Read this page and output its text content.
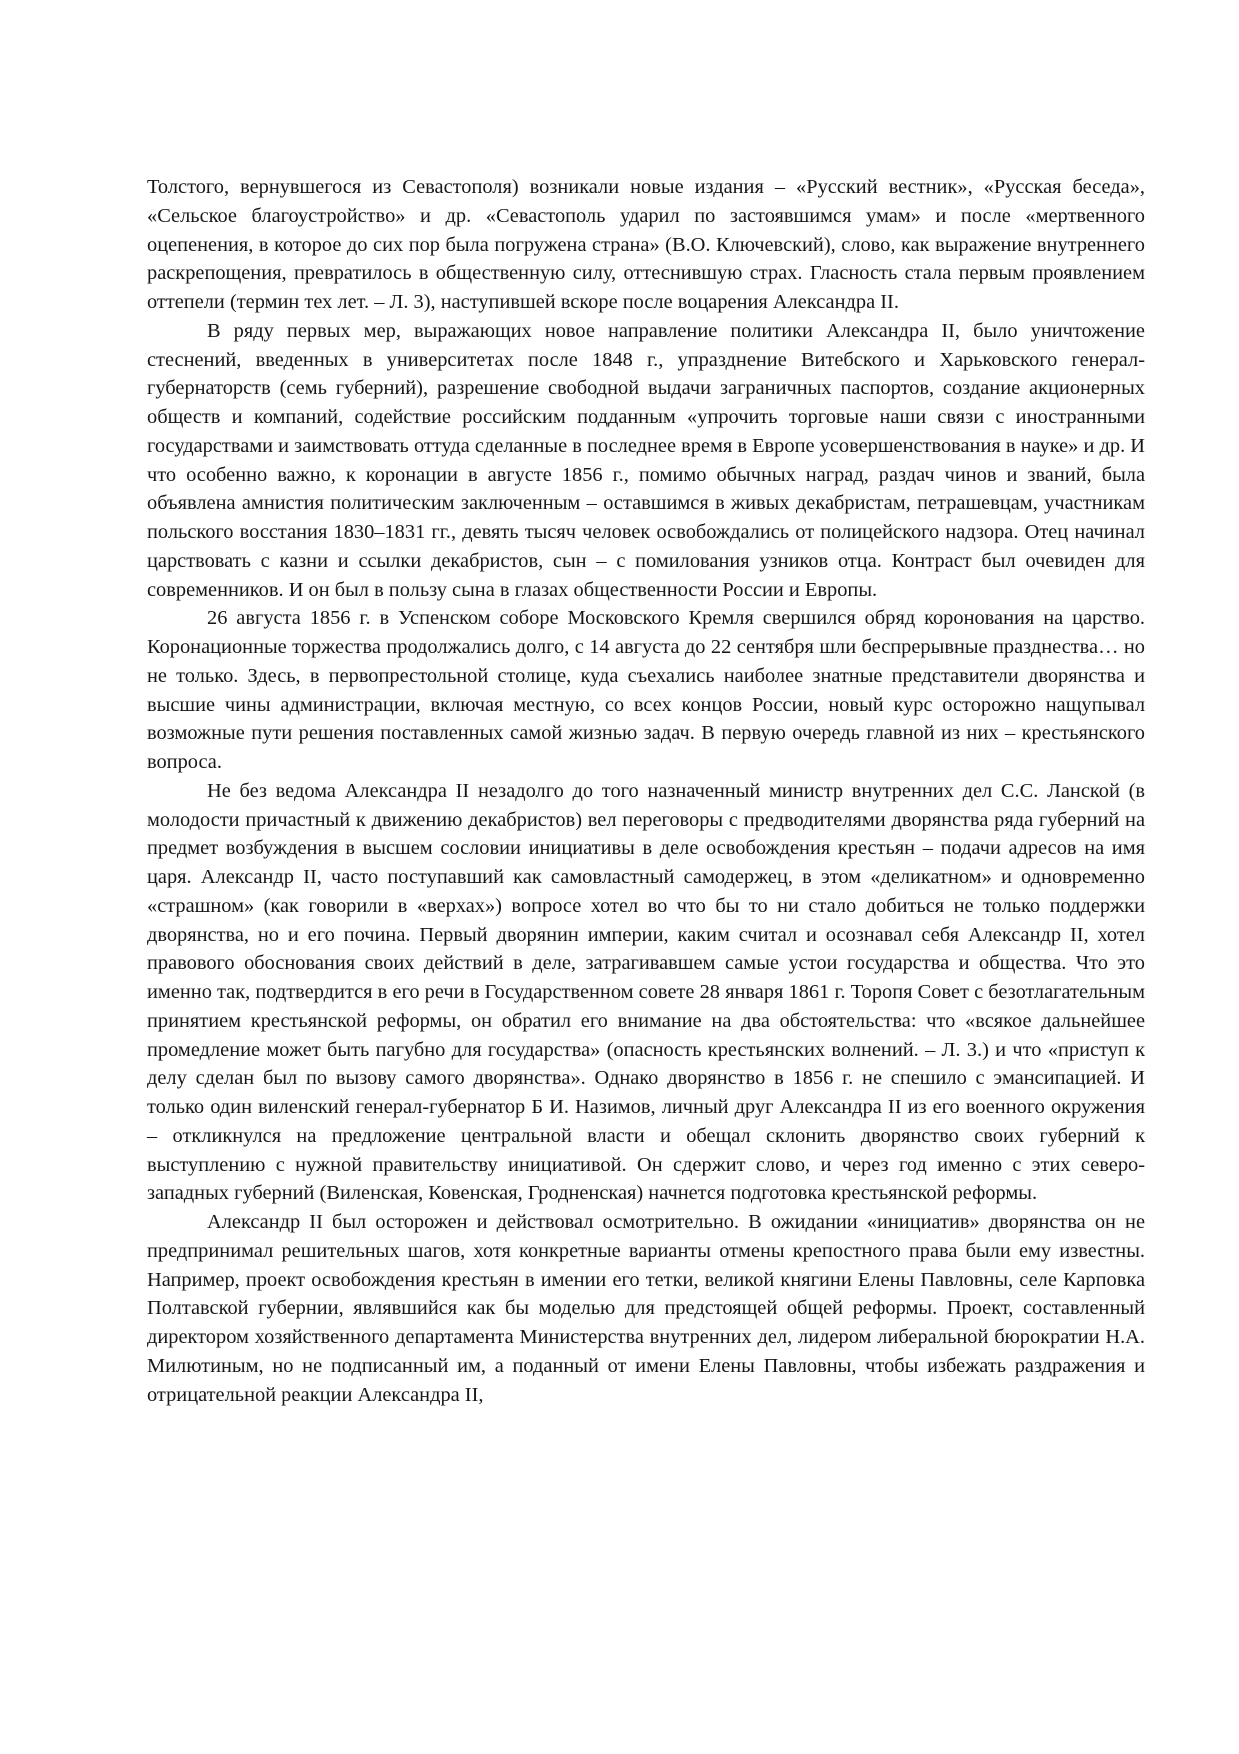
Толстого, вернувшегося из Севастополя) возникали новые издания – «Русский вестник», «Русская беседа», «Сельское благоустройство» и др. «Севастополь ударил по застоявшимся умам» и после «мертвенного оцепенения, в которое до сих пор была погружена страна» (В.О. Ключевский), слово, как выражение внутреннего раскрепощения, превратилось в общественную силу, оттеснившую страх. Гласность стала первым проявлением оттепели (термин тех лет. – Л. 3), наступившей вскоре после воцарения Александра II.

В ряду первых мер, выражающих новое направление политики Александра II, было уничтожение стеснений, введенных в университетах после 1848 г., упразднение Витебского и Харьковского генерал-губернаторств (семь губерний), разрешение свободной выдачи заграничных паспортов, создание акционерных обществ и компаний, содействие российским подданным «упрочить торговые наши связи с иностранными государствами и заимствовать оттуда сделанные в последнее время в Европе усовершенствования в науке» и др. И что особенно важно, к коронации в августе 1856 г., помимо обычных наград, раздач чинов и званий, была объявлена амнистия политическим заключенным – оставшимся в живых декабристам, петрашевцам, участникам польского восстания 1830–1831 гг., девять тысяч человек освобождались от полицейского надзора. Отец начинал царствовать с казни и ссылки декабристов, сын – с помилования узников отца. Контраст был очевиден для современников. И он был в пользу сына в глазах общественности России и Европы.

26 августа 1856 г. в Успенском соборе Московского Кремля свершился обряд коронования на царство. Коронационные торжества продолжались долго, с 14 августа до 22 сентября шли беспрерывные празднества… но не только. Здесь, в первопрестольной столице, куда съехались наиболее знатные представители дворянства и высшие чины администрации, включая местную, со всех концов России, новый курс осторожно нащупывал возможные пути решения поставленных самой жизнью задач. В первую очередь главной из них – крестьянского вопроса.

Не без ведома Александра II незадолго до того назначенный министр внутренних дел С.С. Ланской (в молодости причастный к движению декабристов) вел переговоры с предводителями дворянства ряда губерний на предмет возбуждения в высшем сословии инициативы в деле освобождения крестьян – подачи адресов на имя царя. Александр II, часто поступавший как самовластный самодержец, в этом «деликатном» и одновременно «страшном» (как говорили в «верхах») вопросе хотел во что бы то ни стало добиться не только поддержки дворянства, но и его почина. Первый дворянин империи, каким считал и осознавал себя Александр II, хотел правового обоснования своих действий в деле, затрагивавшем самые устои государства и общества. Что это именно так, подтвердится в его речи в Государственном совете 28 января 1861 г. Торопя Совет с безотлагательным принятием крестьянской реформы, он обратил его внимание на два обстоятельства: что «всякое дальнейшее промедление может быть пагубно для государства» (опасность крестьянских волнений. – Л. 3.) и что «приступ к делу сделан был по вызову самого дворянства». Однако дворянство в 1856 г. не спешило с эмансипацией. И только один виленский генерал-губернатор Б И. Назимов, личный друг Александра II из его военного окружения – откликнулся на предложение центральной власти и обещал склонить дворянство своих губерний к выступлению с нужной правительству инициативой. Он сдержит слово, и через год именно с этих северо-западных губерний (Виленская, Ковенская, Гродненская) начнется подготовка крестьянской реформы.

Александр II был осторожен и действовал осмотрительно. В ожидании «инициатив» дворянства он не предпринимал решительных шагов, хотя конкретные варианты отмены крепостного права были ему известны. Например, проект освобождения крестьян в имении его тетки, великой княгини Елены Павловны, селе Карповка Полтавской губернии, являвшийся как бы моделью для предстоящей общей реформы. Проект, составленный директором хозяйственного департамента Министерства внутренних дел, лидером либеральной бюрократии Н.А. Милютиным, но не подписанный им, а поданный от имени Елены Павловны, чтобы избежать раздражения и отрицательной реакции Александра II,
